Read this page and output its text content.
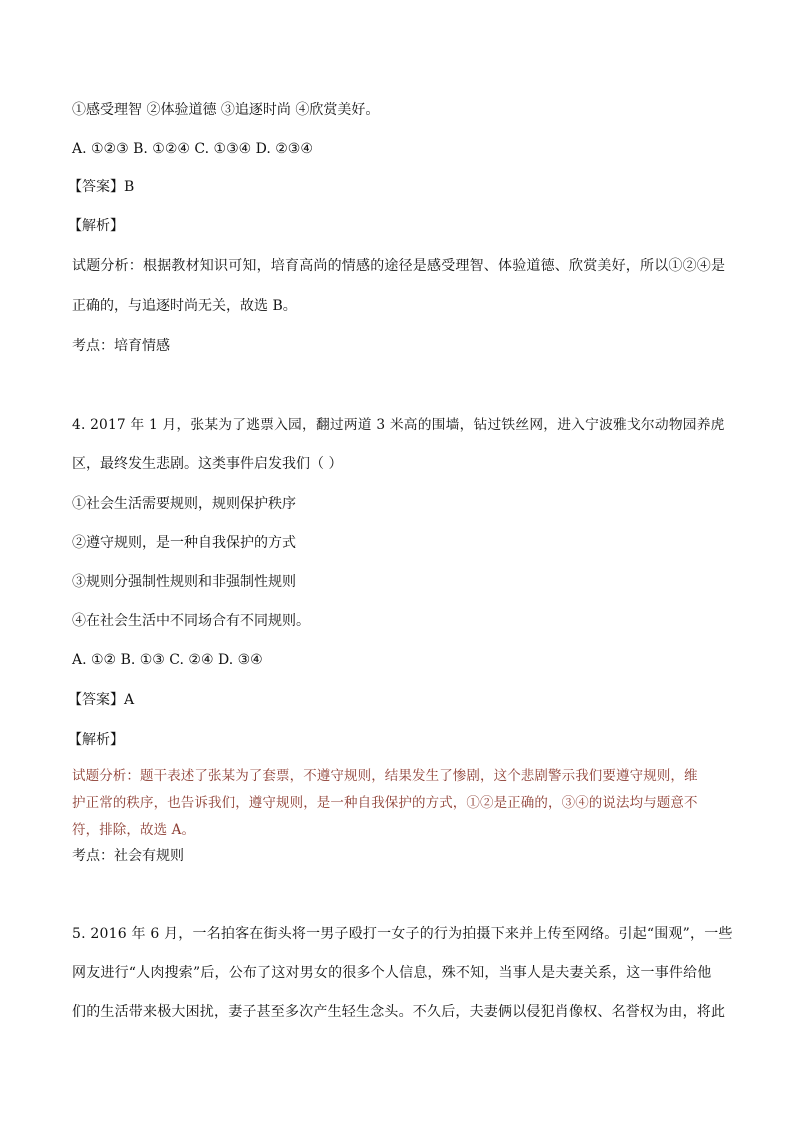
①感受理智 ②体验道德 ③追逐时尚 ④欣赏美好。
A. ①②③ B. ①②④ C. ①③④ D. ②③④
【答案】B
【解析】
试题分析：根据教材知识可知，培育高尚的情感的途径是感受理智、体验道德、欣赏美好，所以①②④是
正确的，与追逐时尚无关，故选 B。
考点：培育情感
4. 2017 年 1 月，张某为了逃票入园，翻过两道 3 米高的围墙，钻过铁丝网，进入宁波雅戈尔动物园养虎
区，最终发生悲剧。这类事件启发我们（ ）
①社会生活需要规则，规则保护秩序
②遵守规则，是一种自我保护的方式
③规则分强制性规则和非强制性规则
④在社会生活中不同场合有不同规则。
A. ①② B. ①③ C. ②④ D. ③④
【答案】A
【解析】
试题分析：题干表述了张某为了套票，不遵守规则，结果发生了惨剧，这个悲剧警示我们要遵守规则，维
护正常的秩序，也告诉我们，遵守规则，是一种自我保护的方式，①②是正确的，③④的说法均与题意不
符，排除，故选 A。
考点：社会有规则
5. 2016 年 6 月，一名拍客在街头将一男子殴打一女子的行为拍摄下来并上传至网络。引起“围观”，一些
网友进行“人肉搜索”后，公布了这对男女的很多个人信息，殊不知，当事人是夫妻关系，这一事件给他
们的生活带来极大困扰，妻子甚至多次产生轻生念头。不久后，夫妻俩以侵犯肖像权、名誉权为由，将此
